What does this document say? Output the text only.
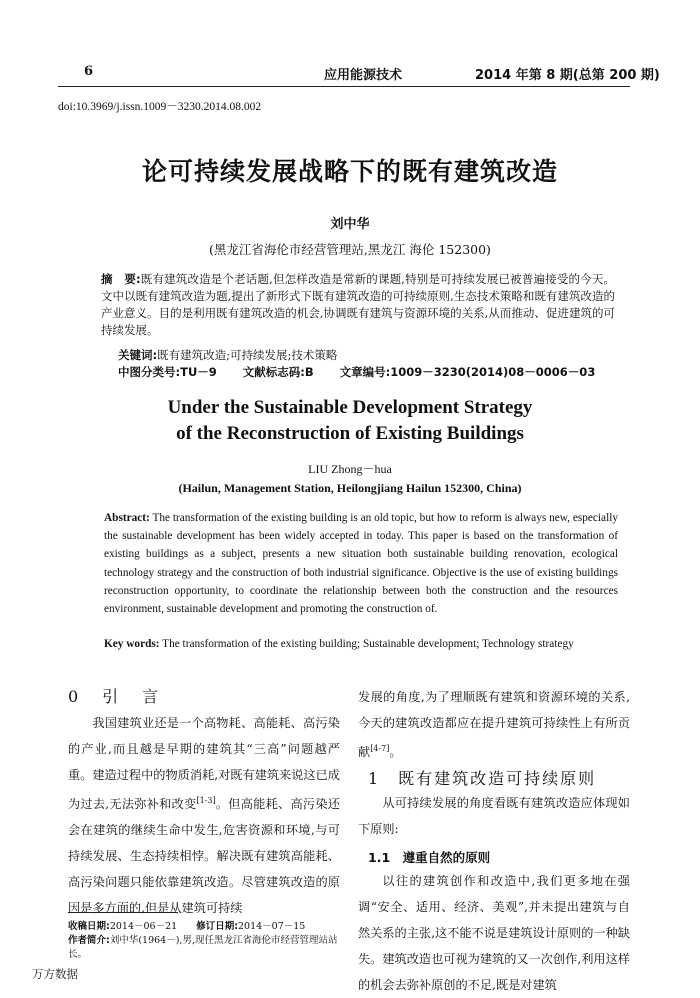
6	应用能源技术	2014 年第 8 期(总第 200 期)
doi:10.3969/j.issn.1009－3230.2014.08.002
论可持续发展战略下的既有建筑改造
刘中华
(黑龙江省海伦市经营管理站,黑龙江 海伦 152300)
摘　要:既有建筑改造是个老话题,但怎样改造是常新的课题,特别是可持续发展已被普遍接受的今天。文中以既有建筑改造为题,提出了新形式下既有建筑改造的可持续原则,生态技术策略和既有建筑改造的产业意义。目的是利用既有建筑改造的机会,协调既有建筑与资源环境的关系,从而推动、促进建筑的可持续发展。
关键词:既有建筑改造;可持续发展;技术策略
中图分类号:TU－9 文献标志码:B 文章编号:1009－3230(2014)08－0006－03
Under the Sustainable Development Strategy
of the Reconstruction of Existing Buildings
LIU Zhong－hua
(Hailun, Management Station, Heilongjiang Hailun 152300, China)
Abstract: The transformation of the existing building is an old topic, but how to reform is always new, especially the sustainable development has been widely accepted in today. This paper is based on the transformation of existing buildings as a subject, presents a new situation both sustainable building renovation, ecological technology strategy and the construction of both industrial significance. Objective is the use of existing buildings reconstruction opportunity, to coordinate the relationship between both the construction and the resources environment, sustainable development and promoting the construction of.
Key words: The transformation of the existing building; Sustainable development; Technology strategy
0　引　言
我国建筑业还是一个高物耗、高能耗、高污染的产业,而且越是早期的建筑其“三高”问题越严重。建造过程中的物质消耗,对既有建筑来说这已成为过去,无法弥补和改变[1-3]。但高能耗、高污染还会在建筑的继续生命中发生,危害资源和环境,与可持续发展、生态持续相悖。解决既有建筑高能耗、高污染问题只能依靠建筑改造。尽管建筑改造的原因是多方面的,但是从建筑可持续
收稿日期:2014－06－21　　 修订日期:2014－07－15
作者简介:刘中华(1964－),男,现任黑龙江省海伦市经营管理站站长。
发展的角度,为了理顺既有建筑和资源环境的关系,今天的建筑改造都应在提升建筑可持续性上有所贡献[4-7]。
1　既有建筑改造可持续原则
从可持续发展的角度看既有建筑改造应体现如下原则:
1.1　遵重自然的原则
以往的建筑创作和改造中,我们更多地在强调“安全、适用、经济、美观”,并未提出建筑与自然关系的主张,这不能不说是建筑设计原则的一种缺失。建筑改造也可视为建筑的又一次创作,利用这样的机会去弥补原创的不足,既是对建筑
万方数据
